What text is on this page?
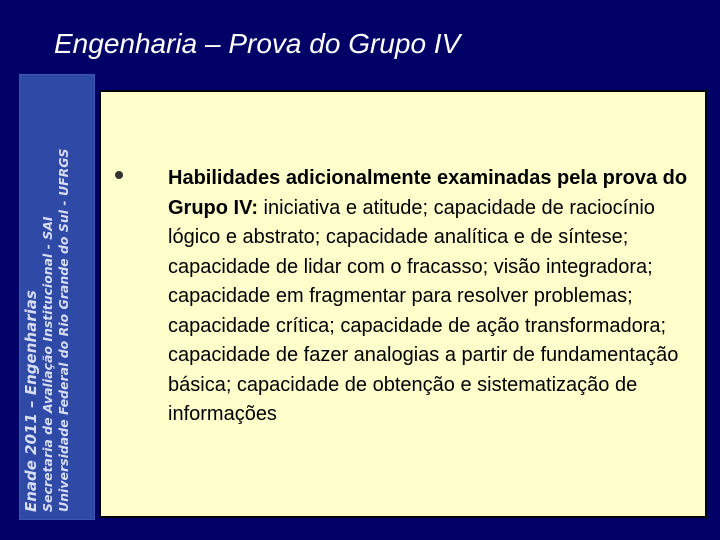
Enade 2011 – Engenharias Secretaria de Avaliação Institucional - SAI Universidade Federal do Rio Grande do Sul - UFRGS
Engenharia – Prova do Grupo IV
Habilidades adicionalmente examinadas pela prova do Grupo IV: iniciativa e atitude; capacidade de raciocínio lógico e abstrato; capacidade analítica e de síntese; capacidade de lidar com o fracasso; visão integradora; capacidade em fragmentar para resolver problemas; capacidade crítica; capacidade de ação transformadora; capacidade de fazer analogias a partir de fundamentação básica; capacidade de obtenção e sistematização de informações
